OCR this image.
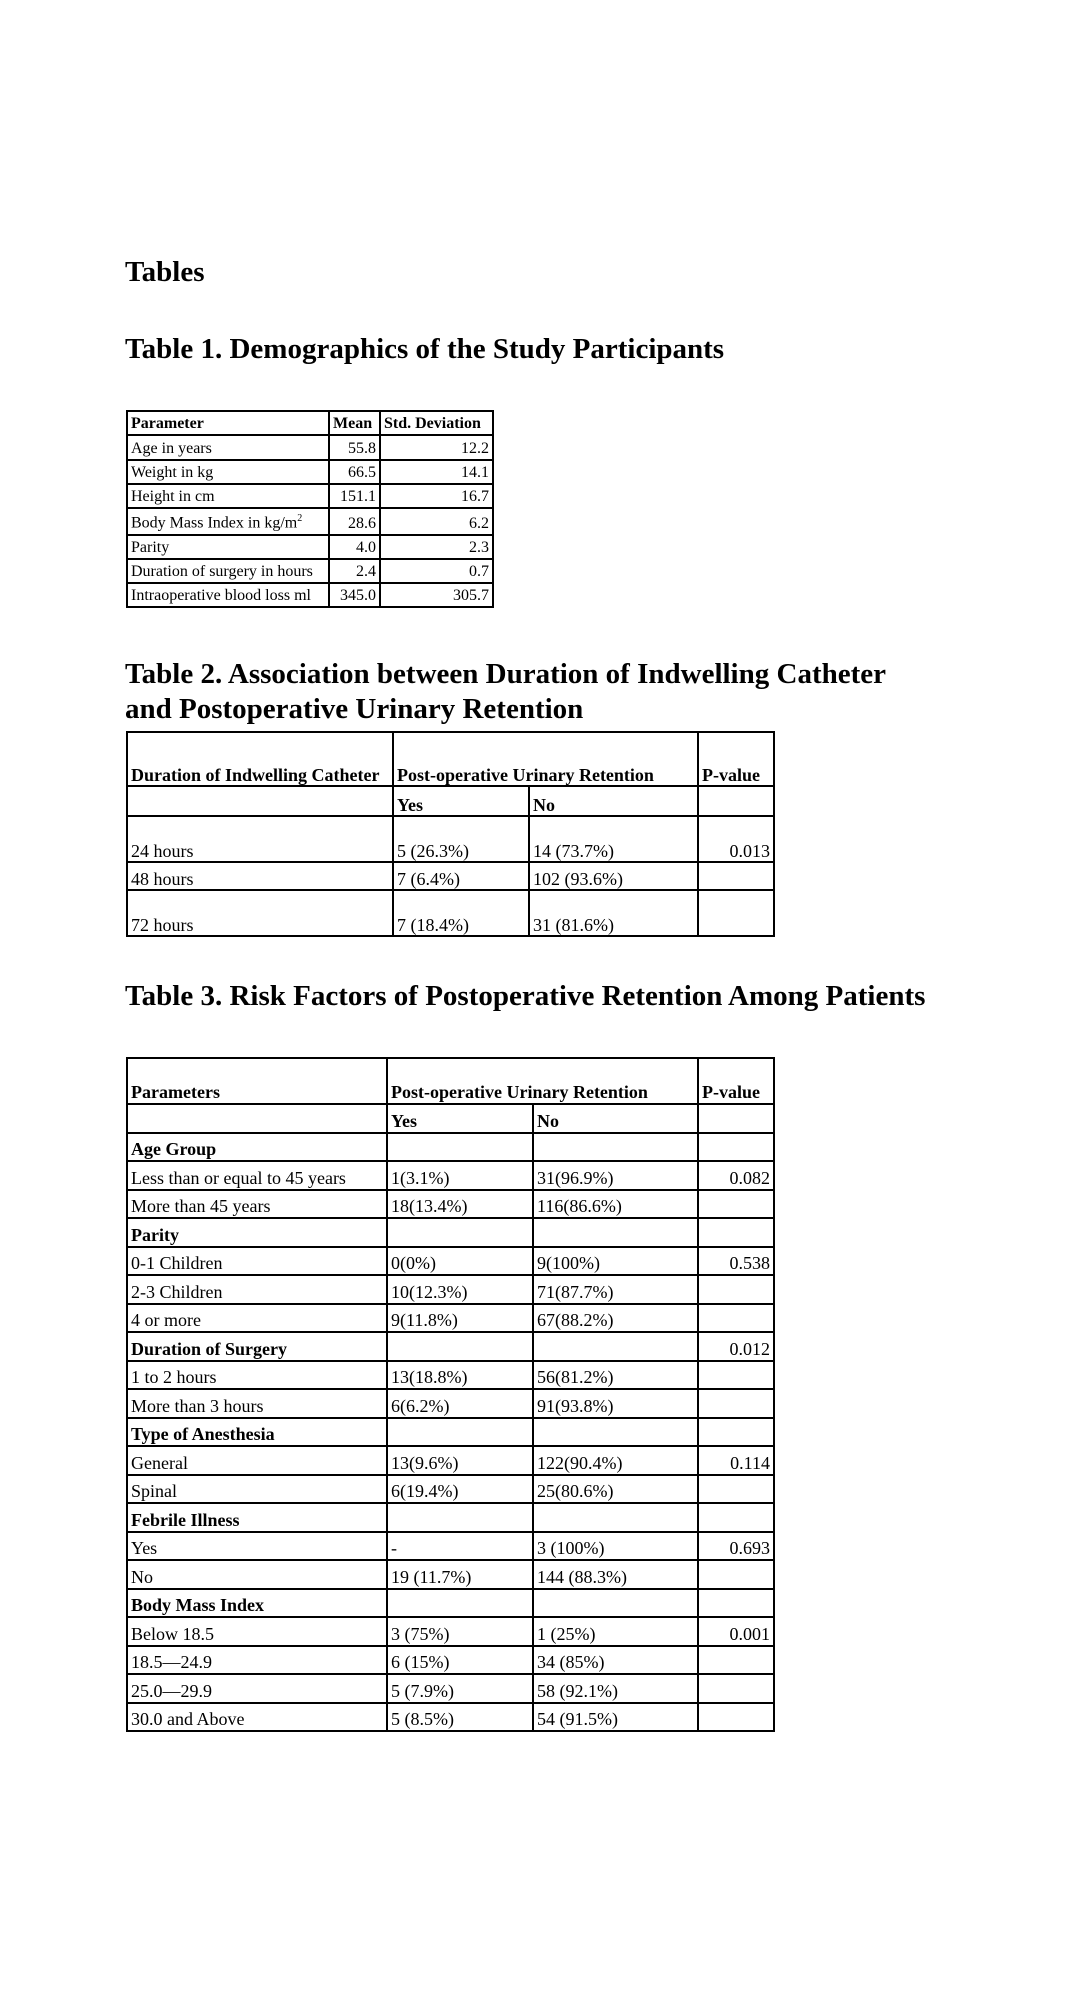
Tables
Table 1. Demographics of the Study Participants
Parameter	Mean	Std. Deviation
Age in years	55.8	12.2
Weight in kg	66.5	14.1
Height in cm	151.1	16.7
Body Mass Index in $kg/m^2$	28.6	6.2
Parity	4.0	2.3
Duration of surgery in hours	2.4	0.7
Intraoperative blood loss ml	345.0	305.7
Table 2. Association between Duration of Indwelling Catheter and Postoperative Urinary Retention
Duration of Indwelling Catheter	Post-operative Urinary Retention		P-value
	Yes	No	
24 hours	5 (26.3%)	14 (73.7%)	0.013
48 hours	7 (6.4%)	102 (93.6%)	
72 hours	7 (18.4%)	31 (81.6%)	
Table 3. Risk Factors of Postoperative Retention Among Patients
Parameters	Post-operative Urinary Retention		P-value
	Yes	No	
Age Group			
Less than or equal to 45 years	1(3.1%)	31(96.9%)	0.082
More than 45 years	18(13.4%)	116(86.6%)	
Parity			
0-1 Children	0(0%)	9(100%)	0.538
2-3 Children	10(12.3%)	71(87.7%)	
4 or more	9(11.8%)	67(88.2%)	
Duration of Surgery			0.012
1 to 2 hours	13(18.8%)	56(81.2%)	
More than 3 hours	6(6.2%)	91(93.8%)	
Type of Anesthesia			
General	13(9.6%)	122(90.4%)	0.114
Spinal	6(19.4%)	25(80.6%)	
Febrile Illness			
Yes	-	3 (100%)	0.693
No	19 (11.7%)	144 (88.3%)	
Body Mass Index			
Below 18.5	3 (75%)	1 (25%)	0.001
18.5—24.9	6 (15%)	34 (85%)	
25.0—29.9	5 (7.9%)	58 (92.1%)	
30.0 and Above	5 (8.5%)	54 (91.5%)	
